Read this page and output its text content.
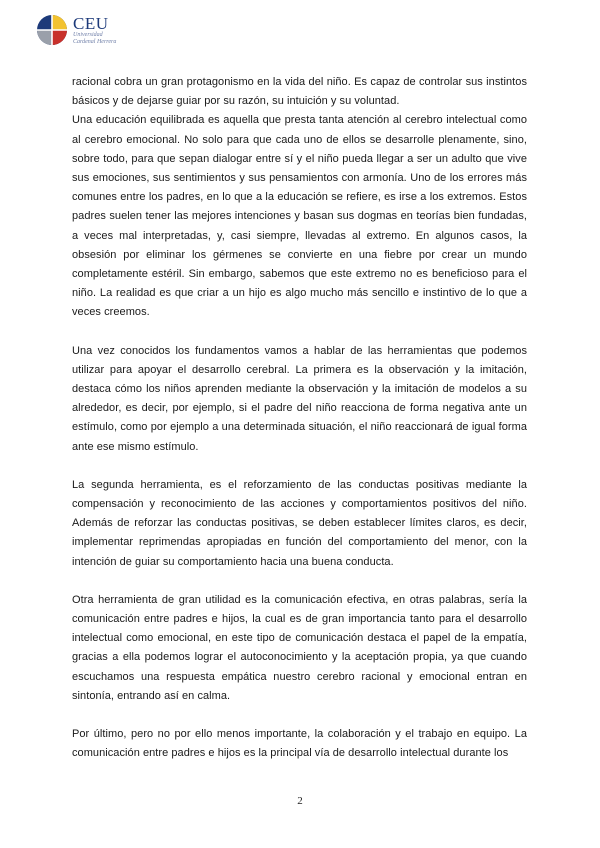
CEU
Universidad
Cardenal Herrera

racional cobra un gran protagonismo en la vida del niño. Es capaz de controlar sus instintos básicos y de dejarse guiar por su razón, su intuición y su voluntad.

Una educación equilibrada es aquella que presta tanta atención al cerebro intelectual como al cerebro emocional. No solo para que cada uno de ellos se desarrolle plenamente, sino, sobre todo, para que sepan dialogar entre sí y el niño pueda llegar a ser un adulto que vive sus emociones, sus sentimientos y sus pensamientos con armonía. Uno de los errores más comunes entre los padres, en lo que a la educación se refiere, es irse a los extremos. Estos padres suelen tener las mejores intenciones y basan sus dogmas en teorías bien fundadas, a veces mal interpretadas, y, casi siempre, llevadas al extremo. En algunos casos, la obsesión por eliminar los gérmenes se convierte en una fiebre por crear un mundo completamente estéril. Sin embargo, sabemos que este extremo no es beneficioso para el niño. La realidad es que criar a un hijo es algo mucho más sencillo e instintivo de lo que a veces creemos.

Una vez conocidos los fundamentos vamos a hablar de las herramientas que podemos utilizar para apoyar el desarrollo cerebral. La primera es la observación y la imitación, destaca cómo los niños aprenden mediante la observación y la imitación de modelos a su alrededor, es decir, por ejemplo, si el padre del niño reacciona de forma negativa ante un estímulo, como por ejemplo a una determinada situación, el niño reaccionará de igual forma ante ese mismo estímulo.

La segunda herramienta, es el reforzamiento de las conductas positivas mediante la compensación y reconocimiento de las acciones y comportamientos positivos del niño. Además de reforzar las conductas positivas, se deben establecer límites claros, es decir, implementar reprimendas apropiadas en función del comportamiento del menor, con la intención de guiar su comportamiento hacia una buena conducta.

Otra herramienta de gran utilidad es la comunicación efectiva, en otras palabras, sería la comunicación entre padres e hijos, la cual es de gran importancia tanto para el desarrollo intelectual como emocional, en este tipo de comunicación destaca el papel de la empatía, gracias a ella podemos lograr el autoconocimiento y la aceptación propia, ya que cuando escuchamos una respuesta empática nuestro cerebro racional y emocional entran en sintonía, entrando así en calma.

Por último, pero no por ello menos importante, la colaboración y el trabajo en equipo. La comunicación entre padres e hijos es la principal vía de desarrollo intelectual durante los

2
